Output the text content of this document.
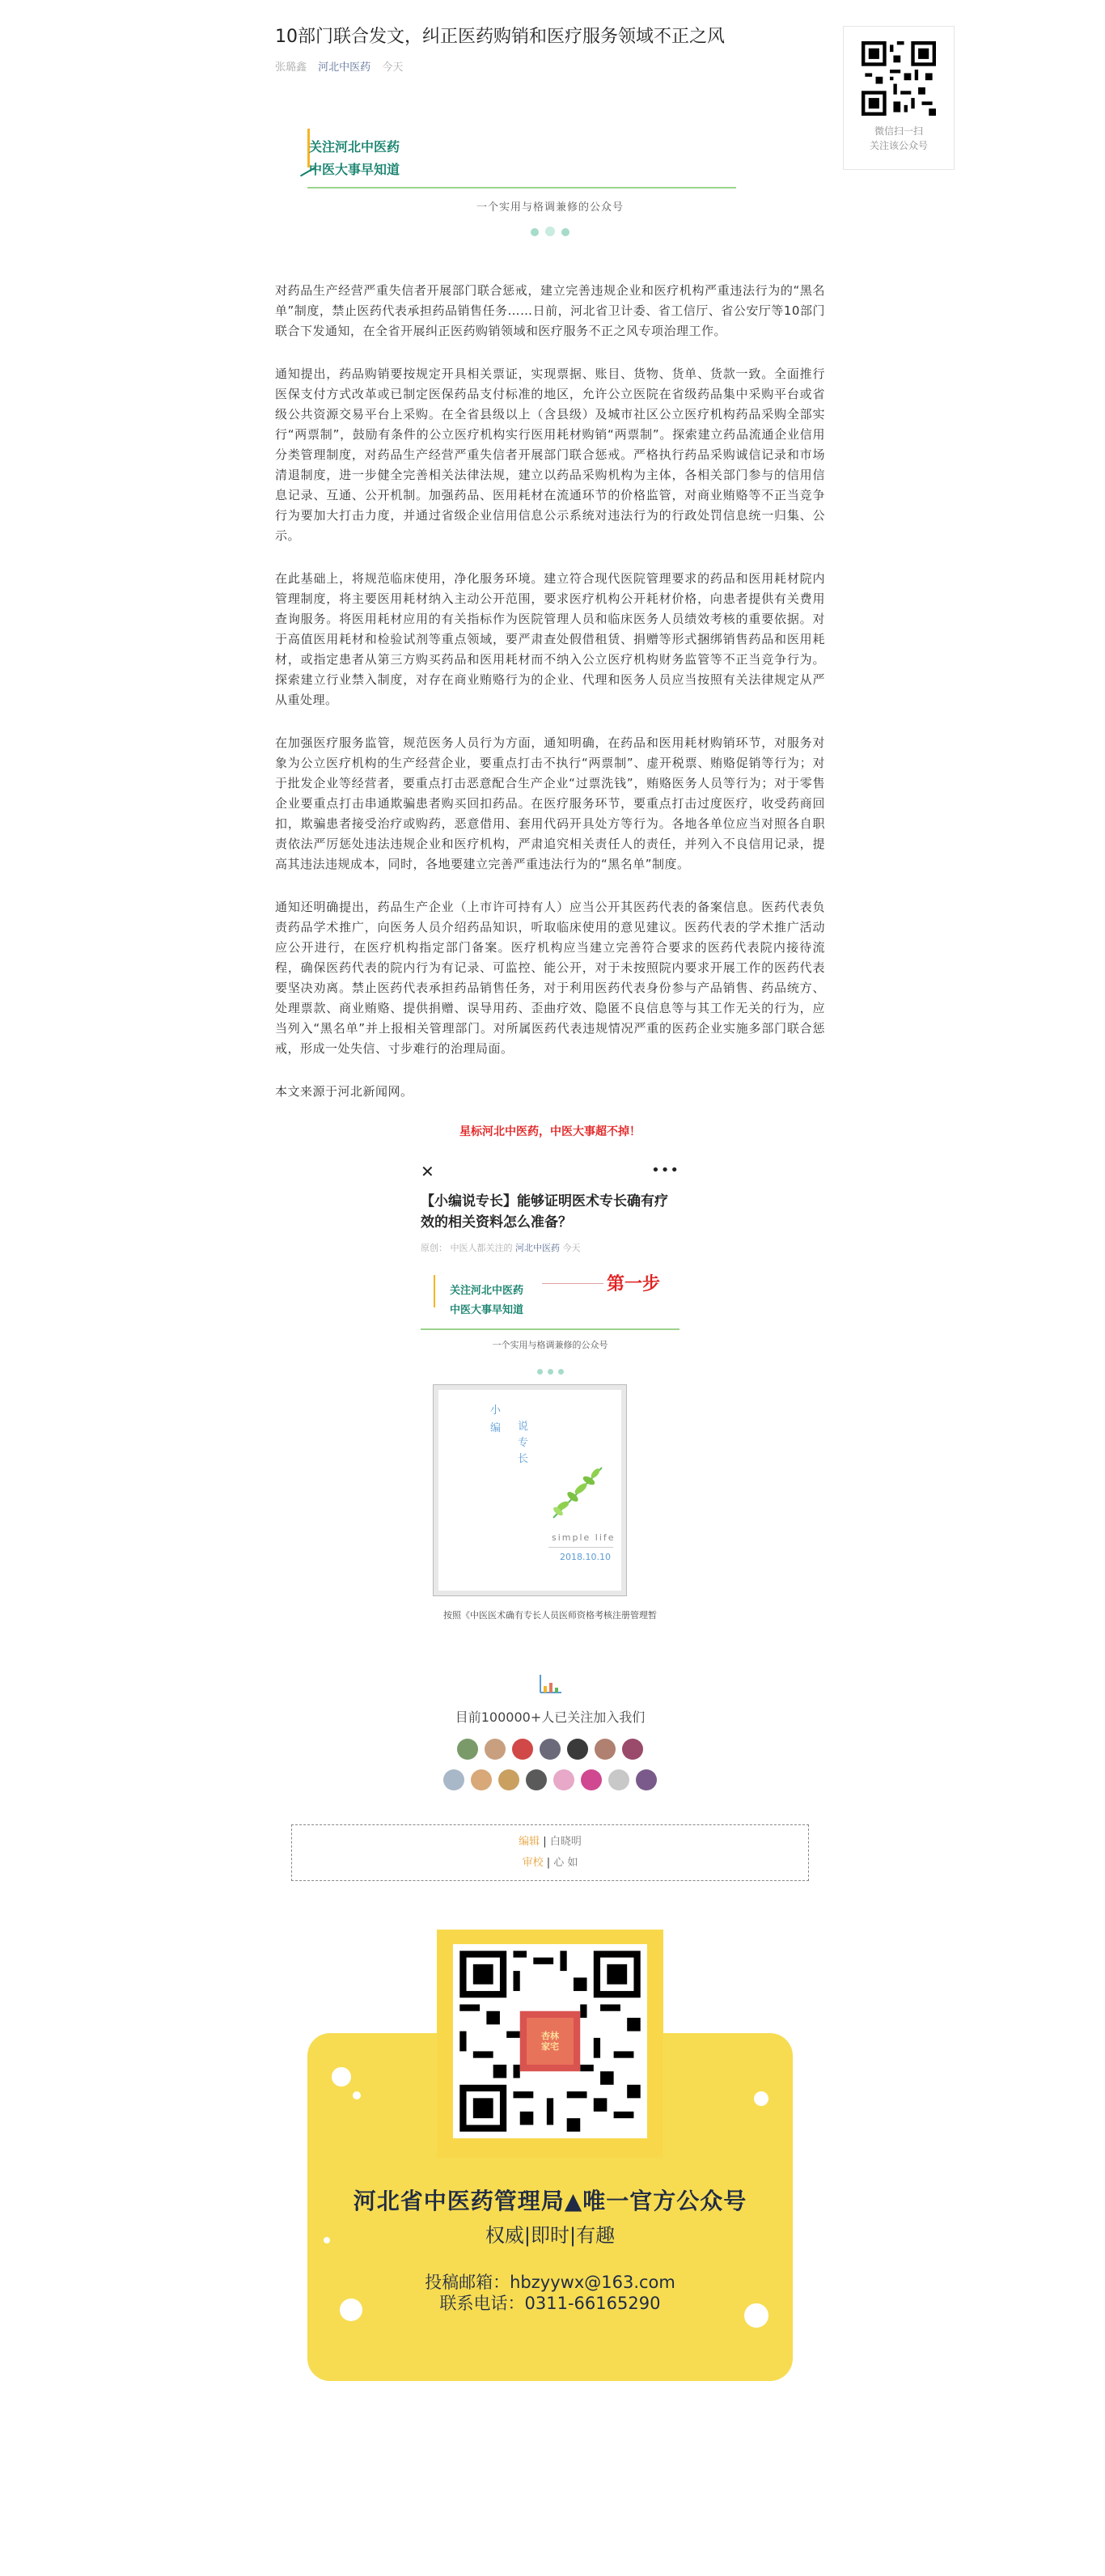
微信扫一扫
关注该公众号
10部门联合发文，纠正医药购销和医疗服务领域不正之风
张璐鑫 河北中医药 今天
关注河北中医药
中医大事早知道
一个实用与格调兼修的公众号

对药品生产经营严重失信者开展部门联合惩戒，建立完善违规企业和医疗机构严重违法行为的“黑名单”制度，禁止医药代表承担药品销售任务……日前，河北省卫计委、省工信厅、省公安厅等10部门联合下发通知，在全省开展纠正医药购销领域和医疗服务不正之风专项治理工作。

通知提出，药品购销要按规定开具相关票证，实现票据、账目、货物、货单、货款一致。全面推行医保支付方式改革或已制定医保药品支付标准的地区，允许公立医院在省级药品集中采购平台或省级公共资源交易平台上采购。在全省县级以上（含县级）及城市社区公立医疗机构药品采购全部实行“两票制”，鼓励有条件的公立医疗机构实行医用耗材购销“两票制”。探索建立药品流通企业信用分类管理制度，对药品生产经营严重失信者开展部门联合惩戒。严格执行药品采购诚信记录和市场清退制度，进一步健全完善相关法律法规，建立以药品采购机构为主体，各相关部门参与的信用信息记录、互通、公开机制。加强药品、医用耗材在流通环节的价格监管，对商业贿赂等不正当竞争行为要加大打击力度，并通过省级企业信用信息公示系统对违法行为的行政处罚信息统一归集、公示。

在此基础上，将规范临床使用，净化服务环境。建立符合现代医院管理要求的药品和医用耗材院内管理制度，将主要医用耗材纳入主动公开范围，要求医疗机构公开耗材价格，向患者提供有关费用查询服务。将医用耗材应用的有关指标作为医院管理人员和临床医务人员绩效考核的重要依据。对于高值医用耗材和检验试剂等重点领域，要严肃查处假借租赁、捐赠等形式捆绑销售药品和医用耗材，或指定患者从第三方购买药品和医用耗材而不纳入公立医疗机构财务监管等不正当竞争行为。探索建立行业禁入制度，对存在商业贿赂行为的企业、代理和医务人员应当按照有关法律规定从严从重处理。

在加强医疗服务监管，规范医务人员行为方面，通知明确，在药品和医用耗材购销环节，对服务对象为公立医疗机构的生产经营企业，要重点打击不执行“两票制”、虚开税票、贿赂促销等行为；对于批发企业等经营者，要重点打击恶意配合生产企业“过票洗钱”，贿赂医务人员等行为；对于零售企业要重点打击串通欺骗患者购买回扣药品。在医疗服务环节，要重点打击过度医疗，收受药商回扣，欺骗患者接受治疗或购药，恶意借用、套用代码开具处方等行为。各地各单位应当对照各自职责依法严厉惩处违法违规企业和医疗机构，严肃追究相关责任人的责任，并列入不良信用记录，提高其违法违规成本，同时，各地要建立完善严重违法行为的“黑名单”制度。

通知还明确提出，药品生产企业（上市许可持有人）应当公开其医药代表的备案信息。医药代表负责药品学术推广，向医务人员介绍药品知识，听取临床使用的意见建议。医药代表的学术推广活动应公开进行，在医疗机构指定部门备案。医疗机构应当建立完善符合要求的医药代表院内接待流程，确保医药代表的院内行为有记录、可监控、能公开，对于未按照院内要求开展工作的医药代表要坚决劝离。禁止医药代表承担药品销售任务，对于利用医药代表身份参与产品销售、药品统方、处理票款、商业贿赂、提供捐赠、误导用药、歪曲疗效、隐匿不良信息等与其工作无关的行为，应当列入“黑名单”并上报相关管理部门。对所属医药代表违规情况严重的医药企业实施多部门联合惩戒，形成一处失信、寸步难行的治理局面。

本文来源于河北新闻网。

星标河北中医药，中医大事超不掉！
✕	•••
【小编说专长】能够证明医术专长确有疗效的相关资料怎么准备？
原创： 中医人都关注的 河北中医药 今天
关注河北中医药
中医大事早知道
第一步
一个实用与格调兼修的公众号
小
编 说专长
simple life
2018.10.10
按照《中医医术确有专长人员医师资格考核注册管理暂
目前100000+人已关注加入我们
编辑 | 白晓明
审校 | 心 如
杏林家宅
河北省中医药管理局▲唯一官方公众号
权威|即时|有趣
投稿邮箱：hbzyywx@163.com
联系电话：0311-66165290
